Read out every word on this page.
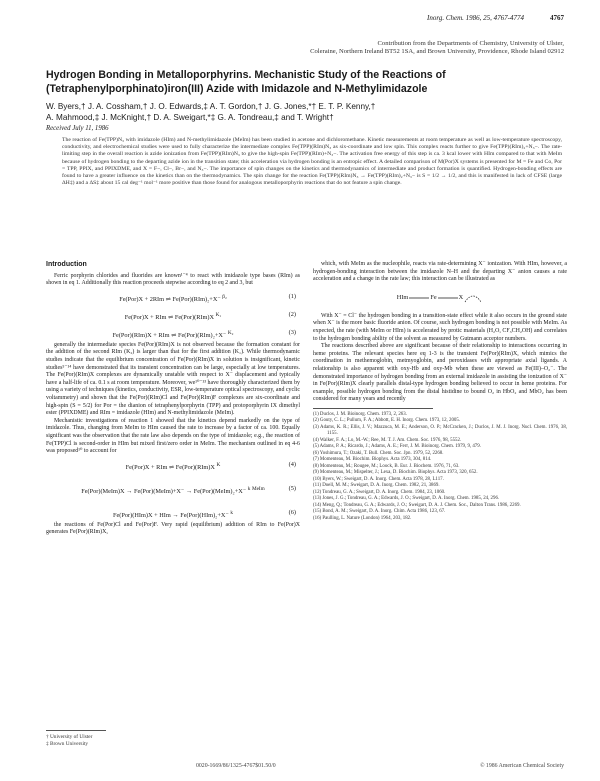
Inorg. Chem. 1986, 25, 4767-4774	4767
Contribution from the Departments of Chemistry, University of Ulster,
Coleraine, Northern Ireland BT52 1SA, and Brown University, Providence, Rhode Island 02912
Hydrogen Bonding in Metalloporphyrins. Mechanistic Study of the Reactions of
(Tetraphenylporphinato)iron(III) Azide with Imidazole and N-Methylimidazole
W. Byers,† J. A. Cossham,† J. O. Edwards,‡ A. T. Gordon,† J. G. Jones,*† E. T. P. Kenny,†
A. Mahmood,‡ J. McKnight,† D. A. Sweigart,*‡ G. A. Tondreau,‡ and T. Wright†
Received July 11, 1986

The reaction of Fe(TPP)N₃ with imidazole (HIm) and N-methylimidazole (MeIm) has been studied in acetone and dichloromethane. Kinetic measurements at room temperature as well as low-temperature spectroscopy, conductivity, and electrochemical studies were used to fully characterize the intermediate complex Fe(TPP)(RIm)N₃ as six-coordinate and low spin. This complex reacts further to give Fe(TPP)(RIm)₂+N₃−. The rate-limiting step in the overall reaction is azide ionization from Fe(TPP)(RIm)N₃ to give the high-spin Fe(TPP)(RIm)+N₃−. The activation free energy of this step is ca. 3 kcal lower with HIm compared to that with MeIm because of hydrogen bonding to the departing azide ion in the transition state; this acceleration via hydrogen bonding is an entropic effect. A detailed comparison of M(Por)X systems is presented for M = Fe and Co, Por = TPP, PPIX, and PPIXDME, and X = F−, Cl−, Br−, and N₃−. The importance of spin changes on the kinetics and thermodynamics of intermediate and product formation is quantified. Hydrogen-bonding effects are found to have a greater influence on the kinetics than on the thermodynamics. The spin change for the reaction Fe(TPP)(RIm)N₃ → Fe(TPP)(RIm)₂+N₃− is S = 1/2 → 1/2, and this is manifested in lack of CFSE (large ΔH‡) and a ΔS‡ about 15 cal deg⁻¹ mol⁻¹ more positive than those found for analogous metalloporphyrin reactions that do not feature a spin change.

Introduction

Ferric porphyrin chlorides and fluorides are known¹⁻⁴ to react with imidazole type bases (RIm) as shown in eq 1. Additionally this reaction proceeds stepwise according to eq 2 and 3, but

Fe(Por)X + 2RIm ⇌ Fe(Por)(RIm)₂+X⁻ $^{\beta_2}$	(1)
Fe(Por)X + RIm ⇌ Fe(Por)(RIm)X $^{K_1}$	(2)
Fe(Por)(RIm)X + RIm ⇌ Fe(Por)(RIm)₂+X⁻ $^{K_2}$	(3)

generally the intermediate species Fe(Por)(RIm)X is not observed because the formation constant for the addition of the second RIm (K₂) is larger than that for the first addition (K₁). While thermodynamic studies indicate that the equilibrium concentration of Fe(Por)(RIm)X in solution is insignificant, kinetic studies⁵⁻¹⁴ have demonstrated that its transient concentration can be large, especially at low temperatures. The Fe(Por)(RIm)X complexes are dynamically unstable with respect to X⁻ displacement and typically have a half-life of ca. 0.1 s at room temperature. Moreover, we¹⁰⁻¹³ have thoroughly characterized them by using a variety of techniques (kinetics, conductivity, ESR, low-temperature optical spectroscopy, and cyclic voltammetry) and shown that the Fe(Por)(RIm)Cl and Fe(Por)(RIm)F complexes are six-coordinate and high-spin (S = 5/2) for Por = the dianion of tetraphenylporphyrin (TPP) and protoporphyrin IX dimethyl ester (PPIXDME) and RIm = imidazole (HIm) and N-methylimidazole (MeIm).

Mechanistic investigations of reaction 1 showed that the kinetics depend markedly on the type of imidazole. Thus, changing from MeIm to HIm caused the rate to increase by a factor of ca. 100. Equally significant was the observation that the rate law also depends on the type of imidazole; e.g., the reaction of Fe(TPP)Cl is second-order in HIm but mixed first/zero order in MeIm. The mechanism outlined in eq 4-6 was proposed¹⁰ to account for

Fe(Por)X + RIm ⇌ Fe(Por)(RIm)X $^K$	(4)
Fe(Por)(MeIm)X → Fe(Por)(MeIm)+X⁻ → Fe(Por)(MeIm)₂+X⁻ $^k$ $^{MeIm}$	(5)
Fe(Por)(HIm)X + HIm → Fe(Por)(HIm)₂+X⁻ $^k$	(6)

the reactions of Fe(Por)Cl and Fe(Por)F. Very rapid (equilibrium) addition of RIm to Fe(Por)X generates Fe(Por)(RIm)X,

which, with MeIm as the nucleophile, reacts via rate-determining X⁻ ionization. With HIm, however, a hydrogen-bonding interaction between the imidazole N–H and the departing X⁻ anion causes a rate acceleration and a change in the rate law; this interaction can be illustrated as

HIm	Fe	X

With X⁻ = Cl⁻ the hydrogen bonding in a transition-state effect while it also occurs in the ground state when X⁻ is the more basic fluoride anion. Of course, such hydrogen bonding is not possible with MeIm. As expected, the rate (with MeIm or HIm) is accelerated by protic materials (H₂O, CF₃CH₂OH) and correlates to the hydrogen bonding ability of the solvent as measured by Gutmann acceptor numbers.

The reactions described above are significant because of their relationship to interactions occurring in heme proteins. The relevant species here eq 1-3 is the transient Fe(Por)(RIm)X, which mimics the coordination in methemoglobin, metmyoglobin, and peroxidases with appropriate axial ligands. A relationship is also apparent with oxy-Hb and oxy-Mb when these are viewed as Fe(III)–O₂⁻. The demonstrated importance of hydrogen bonding from an external imidazole in assisting the ionization of X⁻ in Fe(Por)(RIm)X clearly parallels distal-type hydrogen bonding believed to occur in heme proteins. For example, possible hydrogen bonding from the distal histidine to bound O₂ in HbO₂ and MbO₂ has been considered for many years and recently

(1) Duclos, J. M. Bioinorg. Chem. 1973, 2, 263.
(2) Gouty, C. L.; Pullum, F. A.; Abbott, E. H. Inorg. Chem. 1973, 12, 2005.
(3) Adams, K. R.; Ellis, J. V.; Mazzuca, M. E.; Anderson, O. P.; McCracken, J.; Duclos, J. M. J. Inorg. Nucl. Chem. 1976, 38, 1155.
(4) Walker, F. A.; Lo, M.-W.; Ree, M. T. J. Am. Chem. Soc. 1976, 98, 5552.
(5) Adams, P. A.; Ricardo, J.; Adams, A. E.; Ferr, J. M. Bioinorg. Chem. 1979, 9, 479.
(6) Yoshimura, T.; Ozaki, T. Bull. Chem. Soc. Jpn. 1979, 52, 2268.
(7) Momenteau, M. Biochim. Biophys. Acta 1973, 304, 814.
(8) Momenteau, M.; Rougee, M.; Loock, B. Eur. J. Biochem. 1976, 71, 63.
(9) Momenteau, M.; Mispelter, J.; Lexa, D. Biochim. Biophys. Acta 1973, 320, 652.
(10) Byers, W.; Sweigart, D. A. Inorg. Chem. Acta 1978, 28, L117.
(11) Doell, M. M.; Sweigart, D. A. Inorg. Chem. 1982, 21, 3869.
(12) Tondreau, G. A.; Sweigart, D. A. Inorg. Chem. 1984, 23, 1060.
(13) Jones, J. G.; Tondreau, G. A.; Edwards, J. O.; Sweigart, D. A. Inorg. Chem. 1985, 24, 296.
(14) Meng, Q.; Tondreau, G. A.; Edwards, J. O.; Sweigart, D. A. J. Chem. Soc., Dalton Trans. 1986, 2269.
(15) Bond, A. M.; Sweigart, D. A. Inorg. Chim. Acta 1986, 123, 67.
(16) Paulling, L. Nature (London) 1964, 203, 182.
† University of Ulster
‡ Brown University
0020-1669/86/1325-4767$01.50/0	© 1986 American Chemical Society
